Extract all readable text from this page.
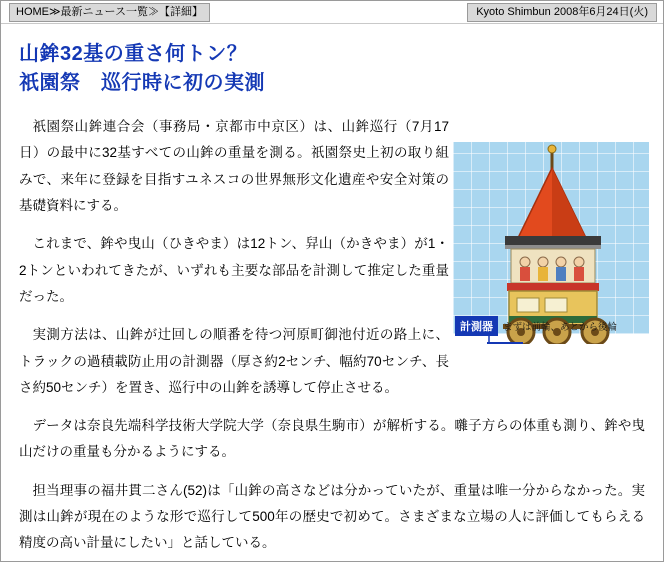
HOME≫最新ニュース一覧≫【詳細】	Kyoto Shimbun 2008年6月24日(火)
山鉾32基の重さ何トン？
祇園祭　巡行時に初の実測
計測器	まずは前輪、あとから後輪

祇園祭山鉾連合会（事務局・京都市中京区）は、山鉾巡行（7月17日）の最中に32基すべての山鉾の重量を測る。祇園祭史上初の取り組みで、来年に登録を目指すユネスコの世界無形文化遺産や安全対策の基礎資料にする。

これまで、鉾や曳山（ひきやま）は12トン、舁山（かきやま）が1・2トンといわれてきたが、いずれも主要な部品を計測して推定した重量だった。

実測方法は、山鉾が辻回しの順番を待つ河原町御池付近の路上に、トラックの過積載防止用の計測器（厚さ約2センチ、幅約70センチ、長さ約50センチ）を置き、巡行中の山鉾を誘導して停止させる。

データは奈良先端科学技術大学院大学（奈良県生駒市）が解析する。囃子方らの体重も測り、鉾や曳山だけの重量も分かるようにする。

担当理事の福井貫二さん(52)は「山鉾の高さなどは分かっていたが、重量は唯一分からなかった。実測は山鉾が現在のような形で巡行して500年の歴史で初めて。さまざまな立場の人に評価してもらえる精度の高い計量にしたい」と話している。
